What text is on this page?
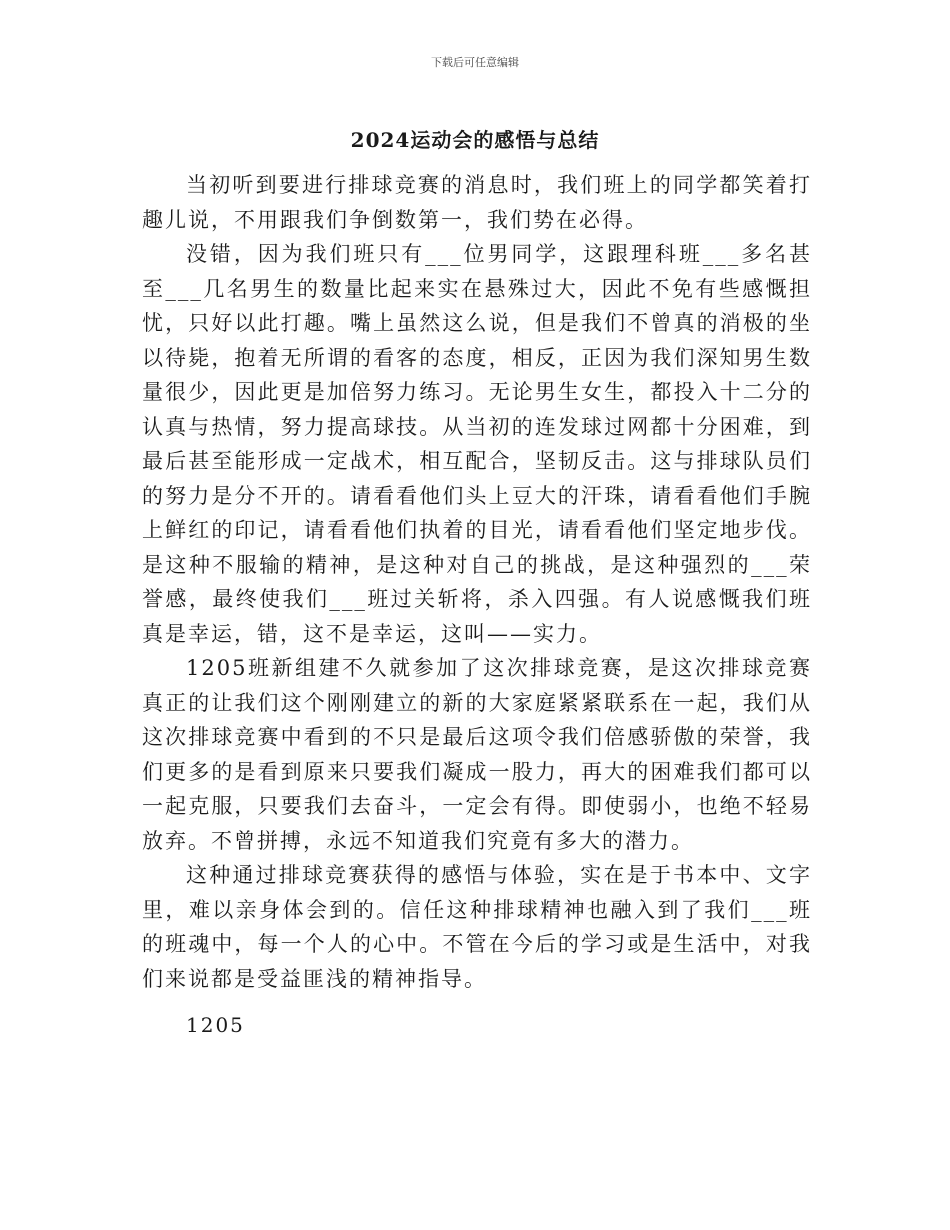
下载后可任意编辑
2024运动会的感悟与总结

当初听到要进行排球竞赛的消息时，我们班上的同学都笑着打趣儿说，不用跟我们争倒数第一，我们势在必得。

没错，因为我们班只有___位男同学，这跟理科班___多名甚至___几名男生的数量比起来实在悬殊过大，因此不免有些感慨担忧，只好以此打趣。嘴上虽然这么说，但是我们不曾真的消极的坐以待毙，抱着无所谓的看客的态度，相反，正因为我们深知男生数量很少，因此更是加倍努力练习。无论男生女生，都投入十二分的认真与热情，努力提高球技。从当初的连发球过网都十分困难，到最后甚至能形成一定战术，相互配合，坚韧反击。这与排球队员们的努力是分不开的。请看看他们头上豆大的汗珠，请看看他们手腕上鲜红的印记，请看看他们执着的目光，请看看他们坚定地步伐。是这种不服输的精神，是这种对自己的挑战，是这种强烈的___荣誉感，最终使我们___班过关斩将，杀入四强。有人说感慨我们班真是幸运，错，这不是幸运，这叫——实力。

1205班新组建不久就参加了这次排球竞赛，是这次排球竞赛真正的让我们这个刚刚建立的新的大家庭紧紧联系在一起，我们从这次排球竞赛中看到的不只是最后这项令我们倍感骄傲的荣誉，我们更多的是看到原来只要我们凝成一股力，再大的困难我们都可以一起克服，只要我们去奋斗，一定会有得。即使弱小，也绝不轻易放弃。不曾拼搏，永远不知道我们究竟有多大的潜力。

这种通过排球竞赛获得的感悟与体验，实在是于书本中、文字里，难以亲身体会到的。信任这种排球精神也融入到了我们___班的班魂中，每一个人的心中。不管在今后的学习或是生活中，对我们来说都是受益匪浅的精神指导。

1205
